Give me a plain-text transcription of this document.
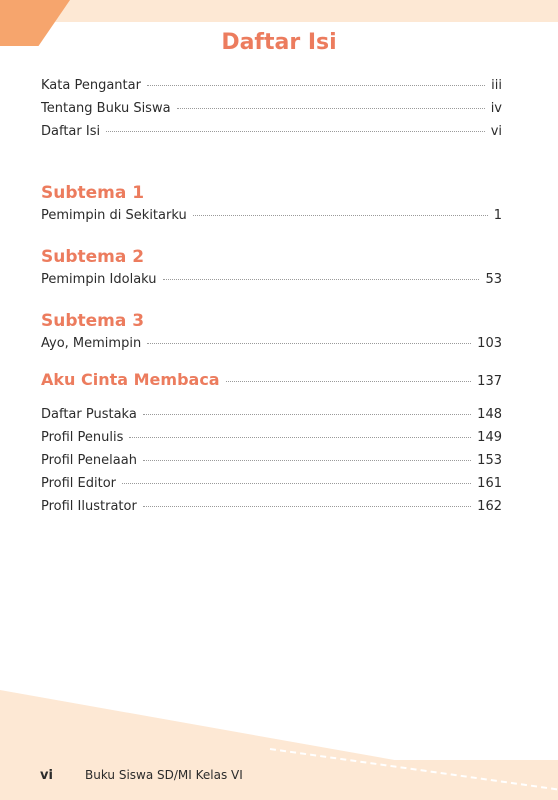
Daftar Isi
Kata Pengantar	iii
Tentang Buku Siswa	iv
Daftar Isi	vi
Subtema 1
Pemimpin di Sekitarku	1
Subtema 2
Pemimpin Idolaku	53
Subtema 3
Ayo, Memimpin	103
Aku Cinta Membaca	137
Daftar Pustaka	148
Profil Penulis	149
Profil Penelaah	153
Profil Editor	161
Profil Ilustrator	162
vi	Buku Siswa SD/MI Kelas VI
